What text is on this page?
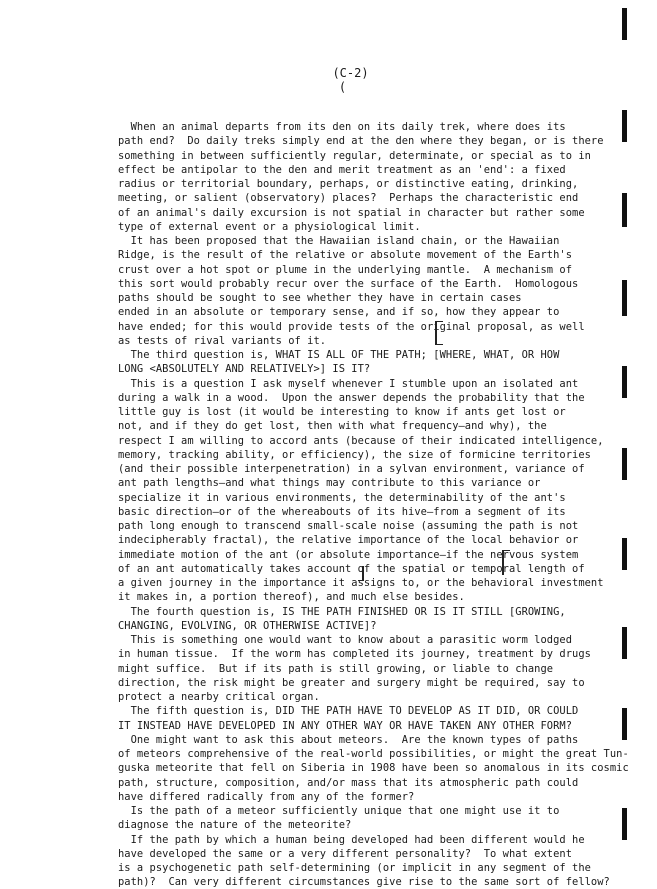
(C-2)
(
When an animal departs from its den on its daily trek, where does its
path end?  Do daily treks simply end at the den where they began, or is there
something in between sufficiently regular, determinate, or special as to in
effect be antipolar to the den and merit treatment as an 'end': a fixed
radius or territorial boundary, perhaps, or distinctive eating, drinking,
meeting, or salient (observatory) places?  Perhaps the characteristic end
of an animal's daily excursion is not spatial in character but rather some
type of external event or a physiological limit.
It has been proposed that the Hawaiian island chain, or the Hawaiian
Ridge, is the result of the relative or absolute movement of the Earth's
crust over a hot spot or plume in the underlying mantle.  A mechanism of
this sort would probably recur over the surface of the Earth.  Homologous
paths should be sought to see whether they have in certain cases
ended in an absolute or temporary sense, and if so, how they appear to
have ended; for this would provide tests of the original proposal, as well
as tests of rival variants of it.
The third question is, WHAT IS ALL OF THE PATH; [WHERE, WHAT, OR HOW
LONG <ABSOLUTELY AND RELATIVELY>] IS IT?
This is a question I ask myself whenever I stumble upon an isolated ant
during a walk in a wood.  Upon the answer depends the probability that the
little guy is lost (it would be interesting to know if ants get lost or
not, and if they do get lost, then with what frequency—and why), the
respect I am willing to accord ants (because of their indicated intelligence,
memory, tracking ability, or efficiency), the size of formicine territories
(and their possible interpenetration) in a sylvan environment, variance of
ant path lengths—and what things may contribute to this variance or
specialize it in various environments, the determinability of the ant's
basic direction—or of the whereabouts of its hive—from a segment of its
path long enough to transcend small-scale noise (assuming the path is not
indecipherably fractal), the relative importance of the local behavior or
immediate motion of the ant (or absolute importance—if the nervous system
of an ant automatically takes account of the spatial or temporal length of
a given journey in the importance it assigns to, or the behavioral investment
it makes in, a portion thereof), and much else besides.
The fourth question is, IS THE PATH FINISHED OR IS IT STILL [GROWING,
CHANGING, EVOLVING, OR OTHERWISE ACTIVE]?
This is something one would want to know about a parasitic worm lodged
in human tissue.  If the worm has completed its journey, treatment by drugs
might suffice.  But if its path is still growing, or liable to change
direction, the risk might be greater and surgery might be required, say to
protect a nearby critical organ.
The fifth question is, DID THE PATH HAVE TO DEVELOP AS IT DID, OR COULD
IT INSTEAD HAVE DEVELOPED IN ANY OTHER WAY OR HAVE TAKEN ANY OTHER FORM?
One might want to ask this about meteors.  Are the known types of paths
of meteors comprehensive of the real-world possibilities, or might the great Tun-
guska meteorite that fell on Siberia in 1908 have been so anomalous in its cosmic
path, structure, composition, and/or mass that its atmospheric path could
have differed radically from any of the former?
Is the path of a meteor sufficiently unique that one might use it to
diagnose the nature of the meteorite?
If the path by which a human being developed had been different would he
have developed the same or a very different personality?  To what extent
is a psychogenetic path self-determining (or implicit in any segment of the
path)?  Can very different circumstances give rise to the same sort of fellow?
